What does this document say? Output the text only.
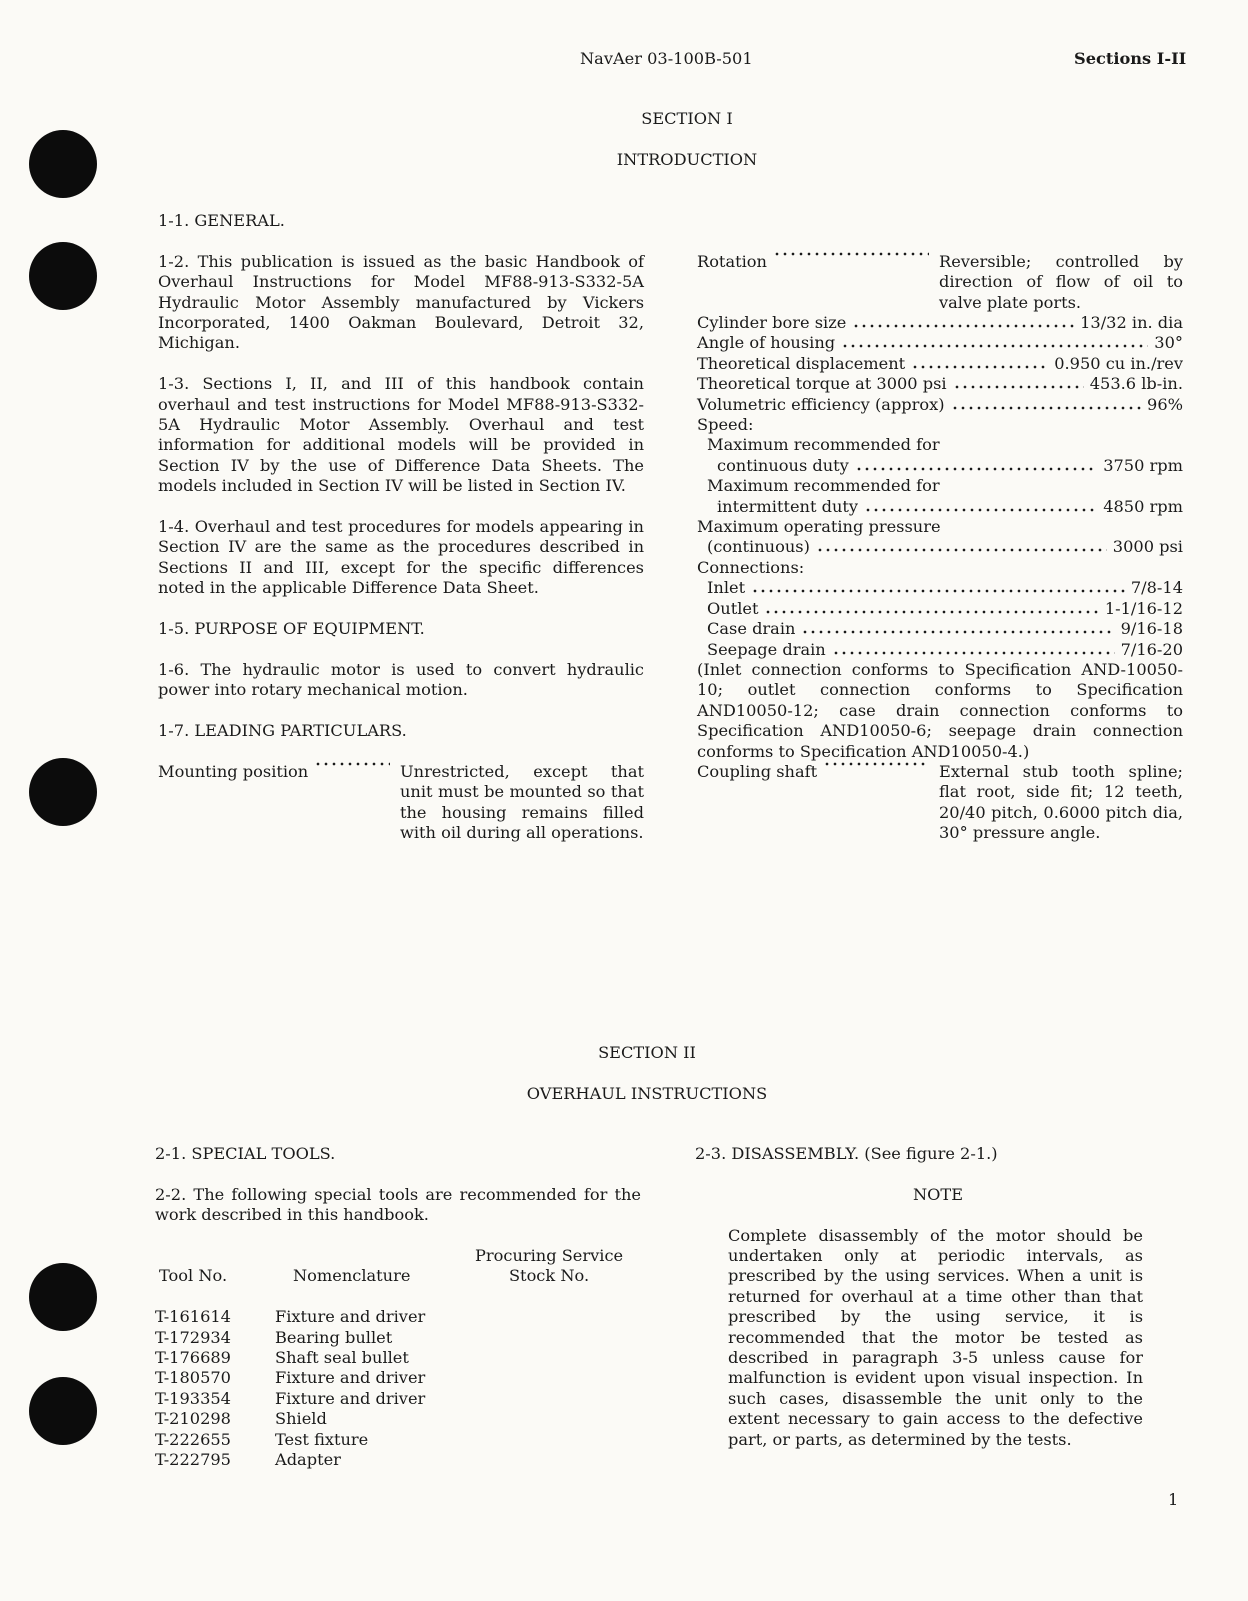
NavAer 03-100B-501	Sections I-II
SECTION I
INTRODUCTION
1-1. GENERAL.

1-2. This publication is issued as the basic Handbook of Overhaul Instructions for Model MF88-913-S332-5A Hydraulic Motor Assembly manufactured by Vickers Incorporated, 1400 Oakman Boulevard, Detroit 32, Michigan.

1-3. Sections I, II, and III of this handbook contain overhaul and test instructions for Model MF88-913-S332-5A Hydraulic Motor Assembly. Overhaul and test information for additional models will be provided in Section IV by the use of Difference Data Sheets. The models included in Section IV will be listed in Section IV.

1-4. Overhaul and test procedures for models appearing in Section IV are the same as the procedures described in Sections II and III, except for the specific differences noted in the applicable Difference Data Sheet.

1-5. PURPOSE OF EQUIPMENT.

1-6. The hydraulic motor is used to convert hydraulic power into rotary mechanical motion.

1-7. LEADING PARTICULARS.
Mounting position	Unrestricted, except that unit must be mounted so that the housing remains filled with oil during all operations.
Rotation	Reversible; controlled by direction of flow of oil to valve plate ports.
Cylinder bore size	13/32 in. dia
Angle of housing	30°
Theoretical displacement	0.950 cu in./rev
Theoretical torque at 3000 psi	453.6 lb-in.
Volumetric efficiency (approx)	96%
Speed:
Maximum recommended for
continuous duty	3750 rpm
Maximum recommended for
intermittent duty	4850 rpm
Maximum operating pressure
(continuous)	3000 psi
Connections:
Inlet	7/8-14
Outlet	1-1/16-12
Case drain	9/16-18
Seepage drain	7/16-20

(Inlet connection conforms to Specification AND-10050-10; outlet connection conforms to Specification AND10050-12; case drain connection conforms to Specification AND10050-6; seepage drain connection conforms to Specification AND10050-4.)

Coupling shaft	External stub tooth spline; flat root, side fit; 12 teeth, 20/40 pitch, 0.6000 pitch dia, 30° pressure angle.
SECTION II
OVERHAUL INSTRUCTIONS
2-1. SPECIAL TOOLS.

2-2. The following special tools are recommended for the work described in this handbook.

		Procuring Service
Tool No.	Nomenclature	Stock No.

T-161614	Fixture and driver	
T-172934	Bearing bullet	
T-176689	Shaft seal bullet	
T-180570	Fixture and driver	
T-193354	Fixture and driver	
T-210298	Shield	
T-222655	Test fixture	
T-222795	Adapter	
2-3. DISASSEMBLY. (See figure 2-1.)
NOTE

Complete disassembly of the motor should be undertaken only at periodic intervals, as prescribed by the using services. When a unit is returned for overhaul at a time other than that prescribed by the using service, it is recommended that the motor be tested as described in paragraph 3-5 unless cause for malfunction is evident upon visual inspection. In such cases, disassemble the unit only to the extent necessary to gain access to the defective part, or parts, as determined by the tests.

1
